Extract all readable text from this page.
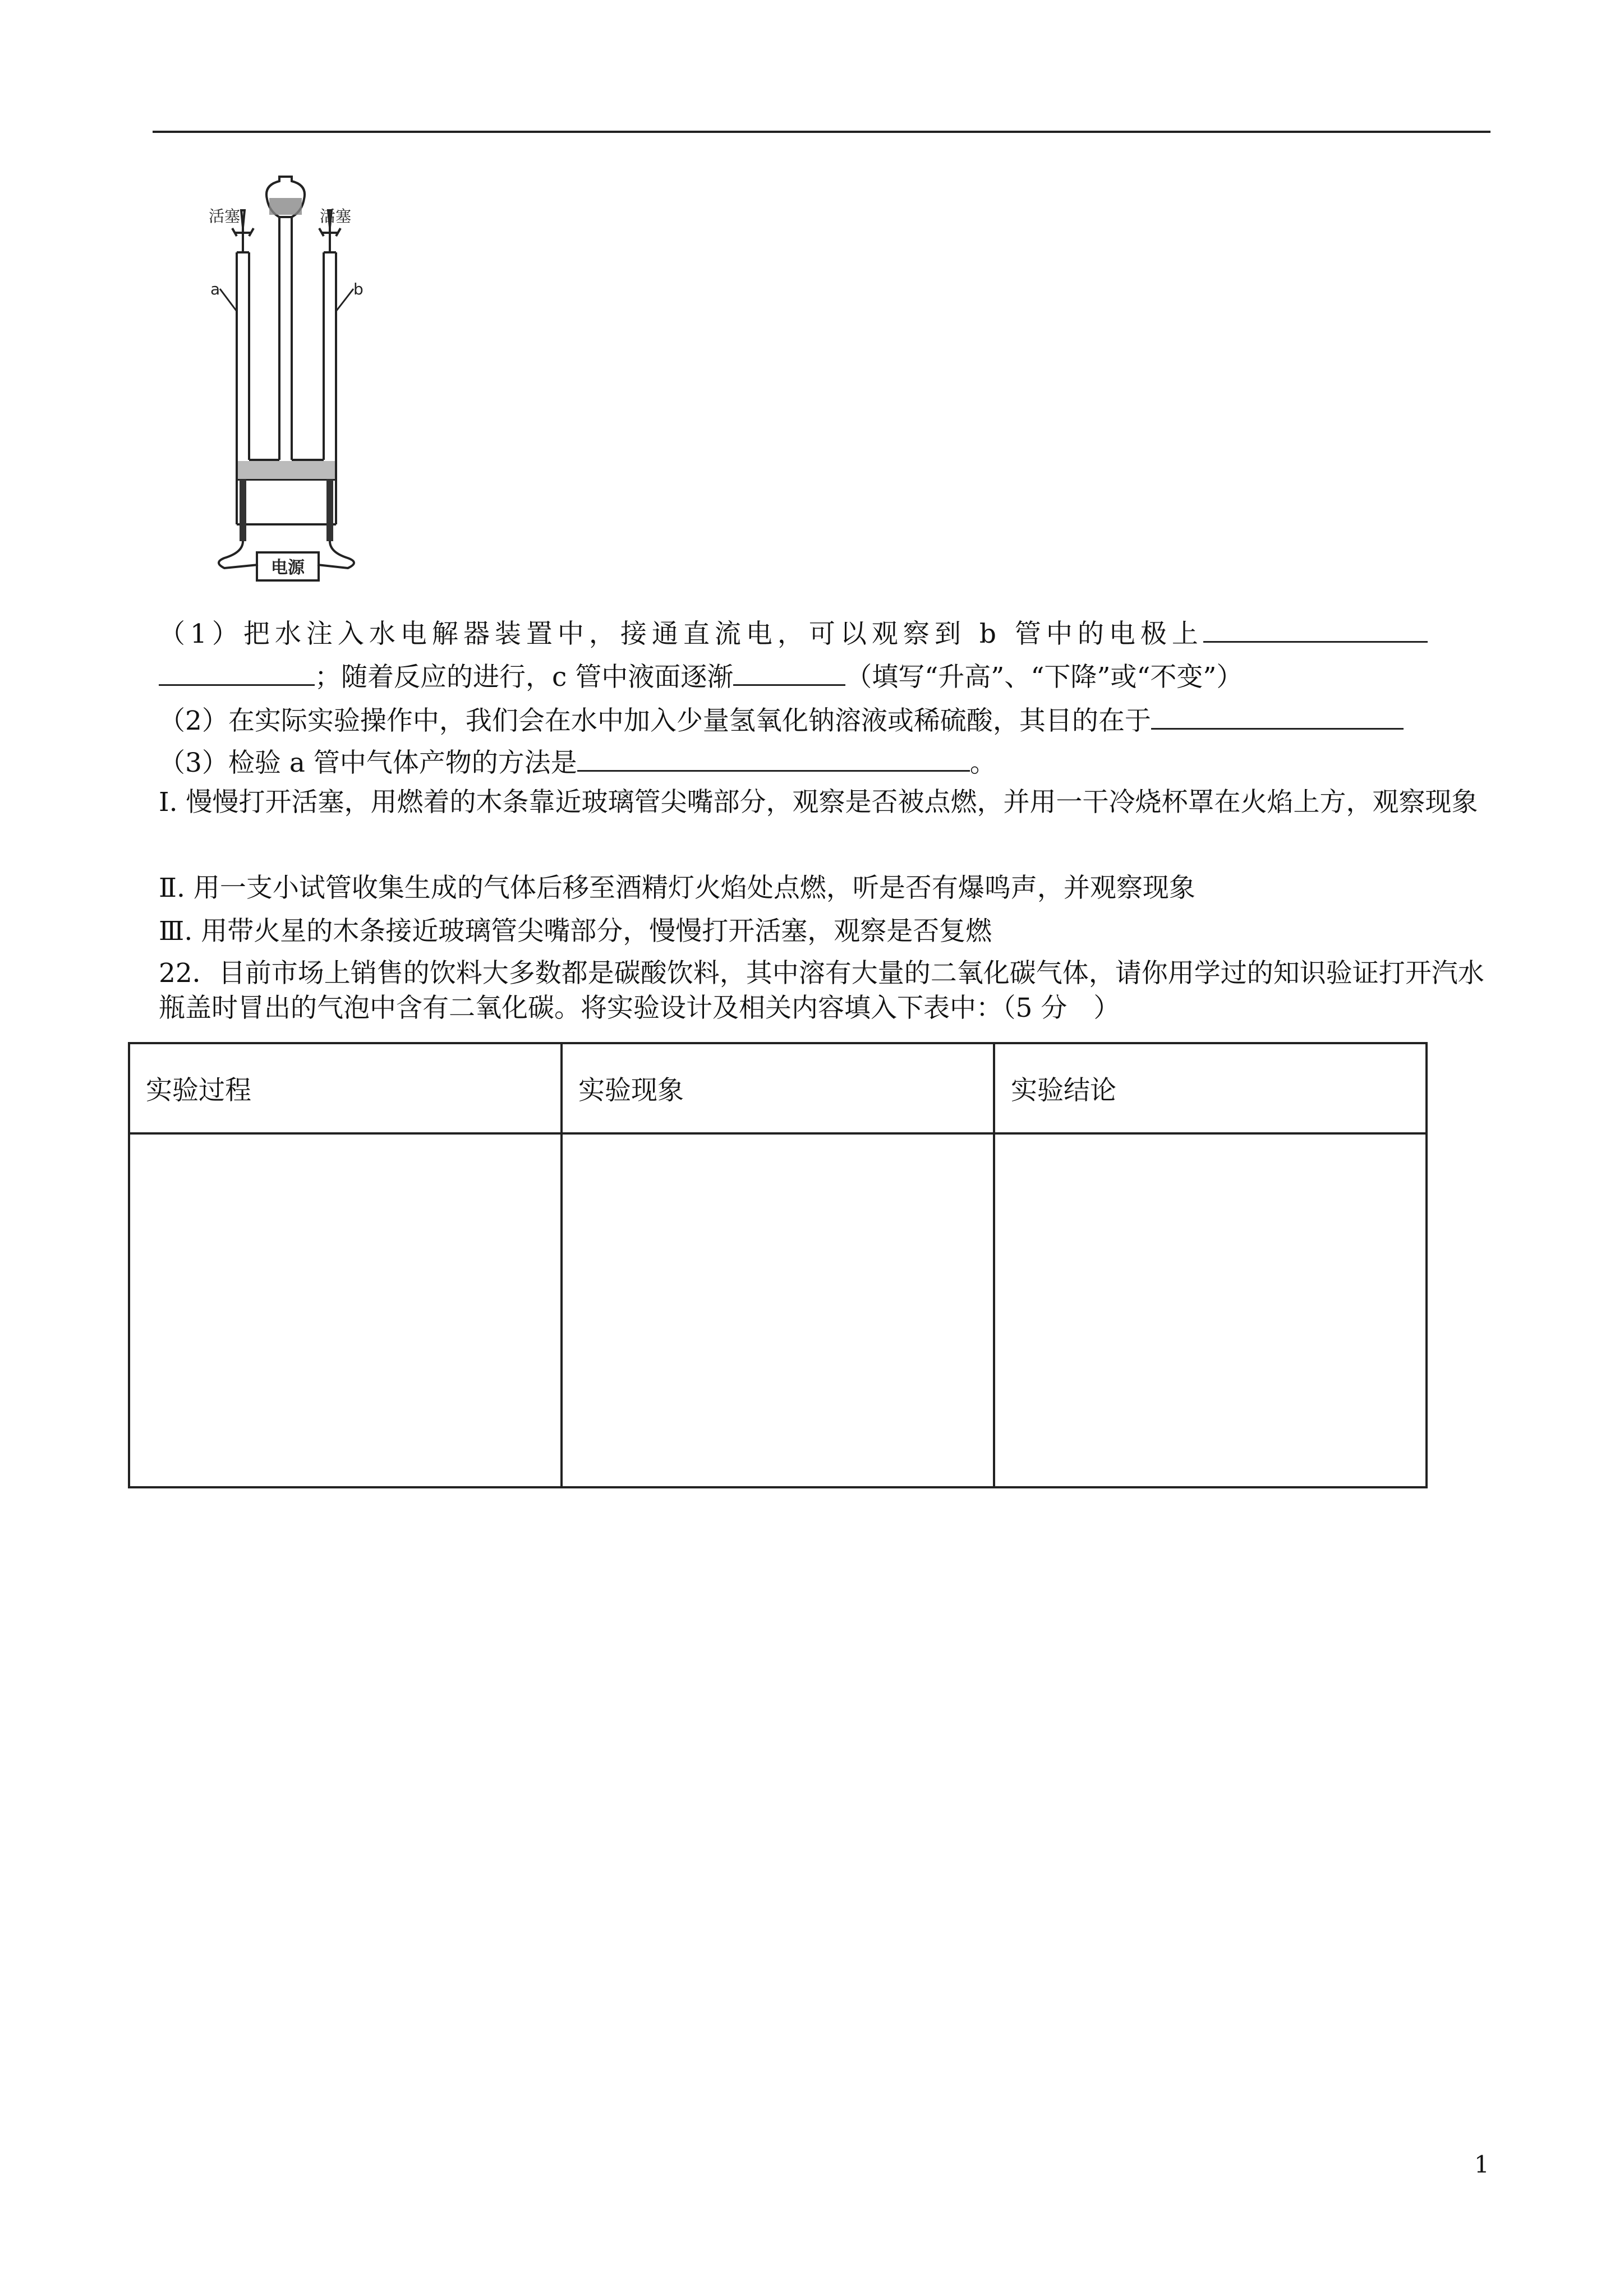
活塞	活塞
a	b
电源
（1）把水注入水电解器装置中，接通直流电，可以观察到 b 管中的电极上
；随着反应的进行，c 管中液面逐渐	（填写“升高”、“下降”或“不变”）
（2）在实际实验操作中，我们会在水中加入少量氢氧化钠溶液或稀硫酸，其目的在于
（3）检验 a 管中气体产物的方法是	。
Ⅰ. 慢慢打开活塞，用燃着的木条靠近玻璃管尖嘴部分，观察是否被点燃，并用一干冷烧杯罩在火焰上方，观察现象
Ⅱ. 用一支小试管收集生成的气体后移至酒精灯火焰处点燃，听是否有爆鸣声，并观察现象
Ⅲ. 用带火星的木条接近玻璃管尖嘴部分，慢慢打开活塞，观察是否复燃
22．目前市场上销售的饮料大多数都是碳酸饮料，其中溶有大量的二氧化碳气体，请你用学过的知识验证打开汽水瓶盖时冒出的气泡中含有二氧化碳。将实验设计及相关内容填入下表中：（5 分　）
实验过程	实验现象	实验结论

1
